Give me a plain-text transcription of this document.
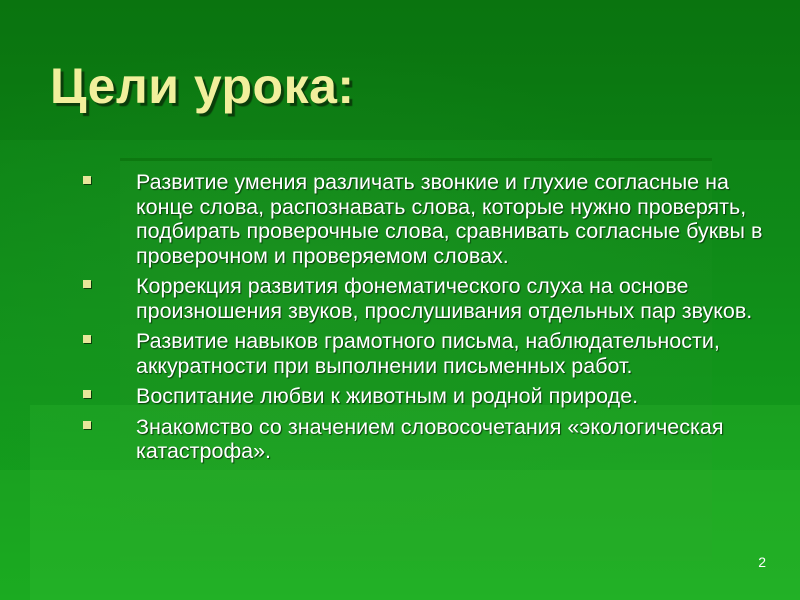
Цели урока:
Развитие умения различать звонкие и глухие согласные на конце слова, распознавать слова, которые нужно проверять, подбирать проверочные слова, сравнивать согласные буквы в проверочном и проверяемом словах.
Коррекция развития фонематического слуха на основе произношения звуков, прослушивания отдельных пар звуков.
Развитие навыков грамотного письма, наблюдательности, аккуратности при выполнении письменных работ.
Воспитание любви к животным и родной природе.
Знакомство со значением словосочетания «экологическая катастрофа».
2
